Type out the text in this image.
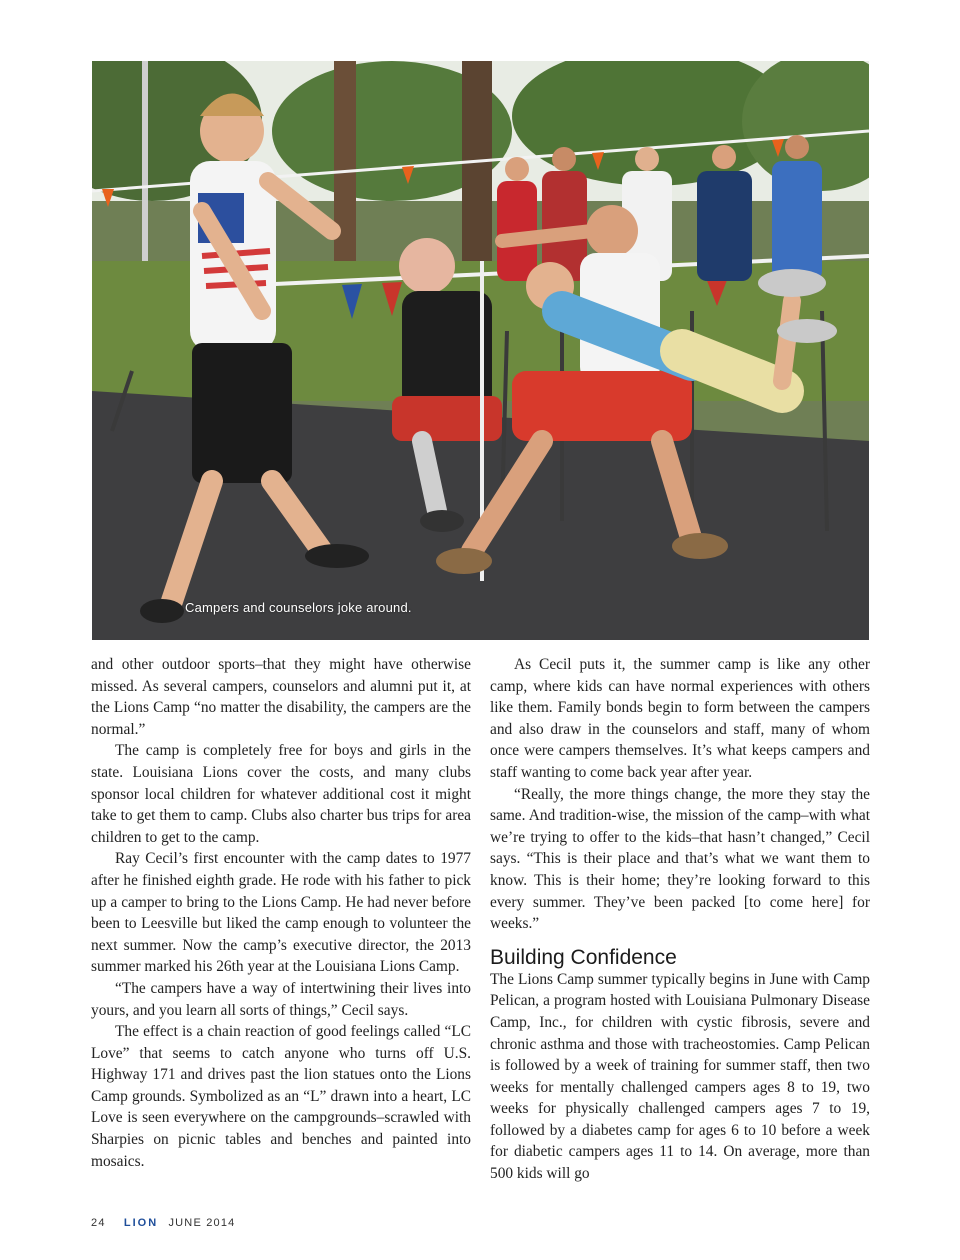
Campers and counselors joke around.

and other outdoor sports–that they might have otherwise missed. As several campers, counselors and alumni put it, at the Lions Camp “no matter the disability, the campers are the normal.”

The camp is completely free for boys and girls in the state. Louisiana Lions cover the costs, and many clubs sponsor local children for whatever additional cost it might take to get them to camp. Clubs also charter bus trips for area children to get to the camp.

Ray Cecil’s first encounter with the camp dates to 1977 after he finished eighth grade. He rode with his father to pick up a camper to bring to the Lions Camp. He had never before been to Leesville but liked the camp enough to volunteer the next summer. Now the camp’s executive director, the 2013 summer marked his 26th year at the Louisiana Lions Camp.

“The campers have a way of intertwining their lives into yours, and you learn all sorts of things,” Cecil says.

The effect is a chain reaction of good feelings called “LC Love” that seems to catch anyone who turns off U.S. Highway 171 and drives past the lion statues onto the Lions Camp grounds. Symbolized as an “L” drawn into a heart, LC Love is seen everywhere on the campgrounds–scrawled with Sharpies on picnic tables and benches and painted into mosaics.

As Cecil puts it, the summer camp is like any other camp, where kids can have normal experiences with others like them. Family bonds begin to form between the campers and also draw in the counselors and staff, many of whom once were campers themselves. It’s what keeps campers and staff wanting to come back year after year.

“Really, the more things change, the more they stay the same. And tradition-wise, the mission of the camp–with what we’re trying to offer to the kids–that hasn’t changed,” Cecil says. “This is their place and that’s what we want them to know. This is their home; they’re looking forward to this every summer. They’ve been packed [to come here] for weeks.”

Building Confidence

The Lions Camp summer typically begins in June with Camp Pelican, a program hosted with Louisiana Pulmonary Disease Camp, Inc., for children with cystic fibrosis, severe and chronic asthma and those with tracheostomies. Camp Pelican is followed by a week of training for summer staff, then two weeks for mentally challenged campers ages 8 to 19, two weeks for physically challenged campers ages 7 to 19, followed by a diabetes camp for ages 6 to 10 before a week for diabetic campers ages 11 to 14. On average, more than 500 kids will go

24 LION JUNE 2014
